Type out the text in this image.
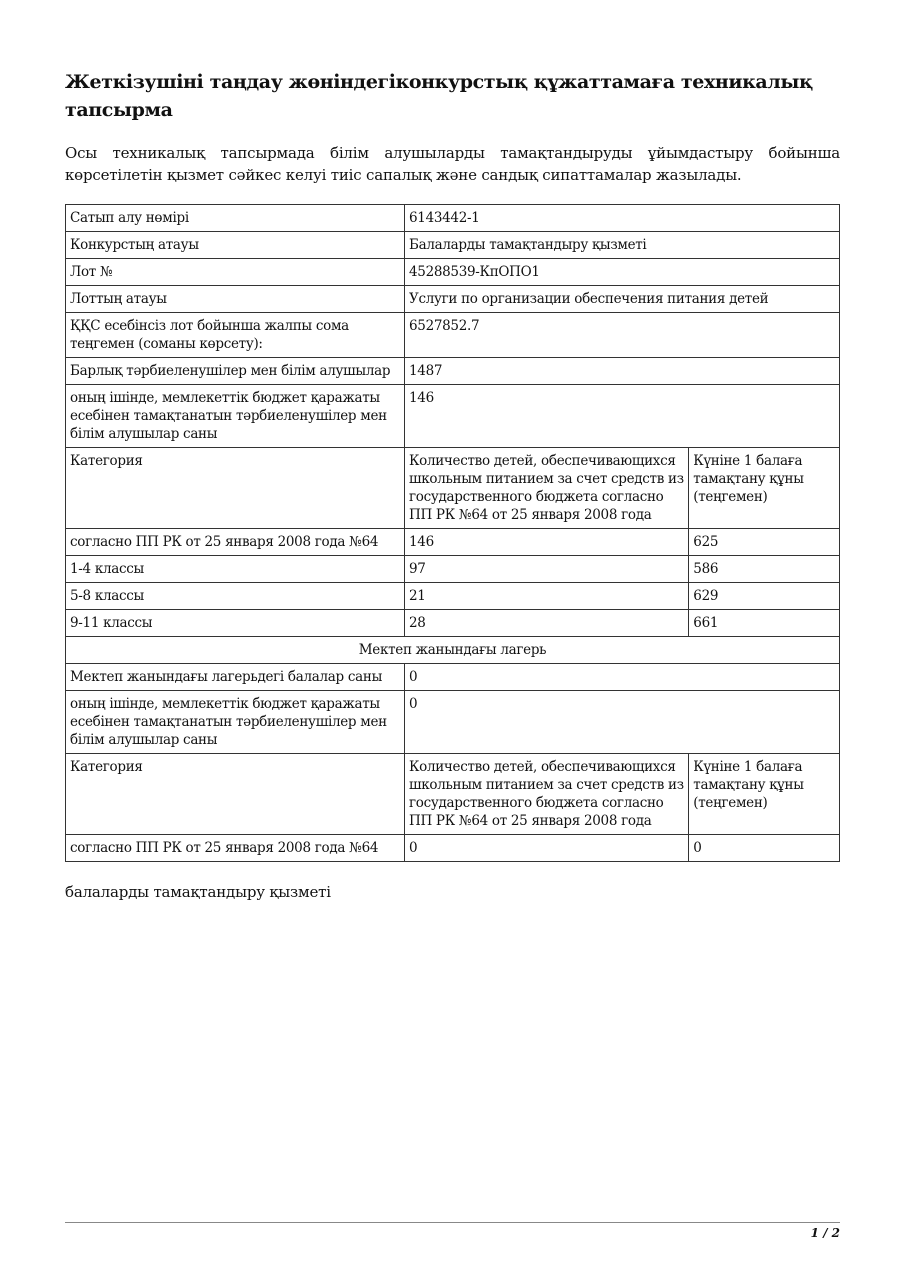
Жеткізушіні таңдау жөніндегіконкурстық құжаттамаға техникалық тапсырма

Осы техникалық тапсырмада білім алушыларды тамақтандыруды ұйымдастыру бойынша көрсетілетін қызмет сәйкес келуі тиіс сапалық және сандық сипаттамалар жазылады.

Сатып алу нөмірі	6143442-1	
Конкурстың атауы	Балаларды тамақтандыру қызметі	
Лот №	45288539-КпОПО1	
Лоттың атауы	Услуги по организации обеспечения питания детей	
ҚҚС есебінсіз лот бойынша жалпы сома теңгемен (соманы көрсету):	6527852.7	
Барлық тәрбиеленушілер мен білім алушылар	1487	
оның ішінде, мемлекеттік бюджет қаражаты есебінен тамақтанатын тәрбиеленушілер мен білім алушылар саны	146	
Категория	Количество детей, обеспечивающихся школьным питанием за счет средств из государственного бюджета согласно ПП РК №64 от 25 января 2008 года	Күніне 1 балаға тамақтану құны (теңгемен)
согласно ПП РК от 25 января 2008 года №64	146	625
1-4 классы	97	586
5-8 классы	21	629
9-11 классы	28	661
Мектеп жанындағы лагерь		
Мектеп жанындағы лагерьдегі балалар саны	0	
оның ішінде, мемлекеттік бюджет қаражаты есебінен тамақтанатын тәрбиеленушілер мен білім алушылар саны	0	
Категория	Количество детей, обеспечивающихся школьным питанием за счет средств из государственного бюджета согласно ПП РК №64 от 25 января 2008 года	Күніне 1 балаға тамақтану құны (теңгемен)
согласно ПП РК от 25 января 2008 года №64	0	0
балаларды тамақтандыру қызметі
1 / 2
